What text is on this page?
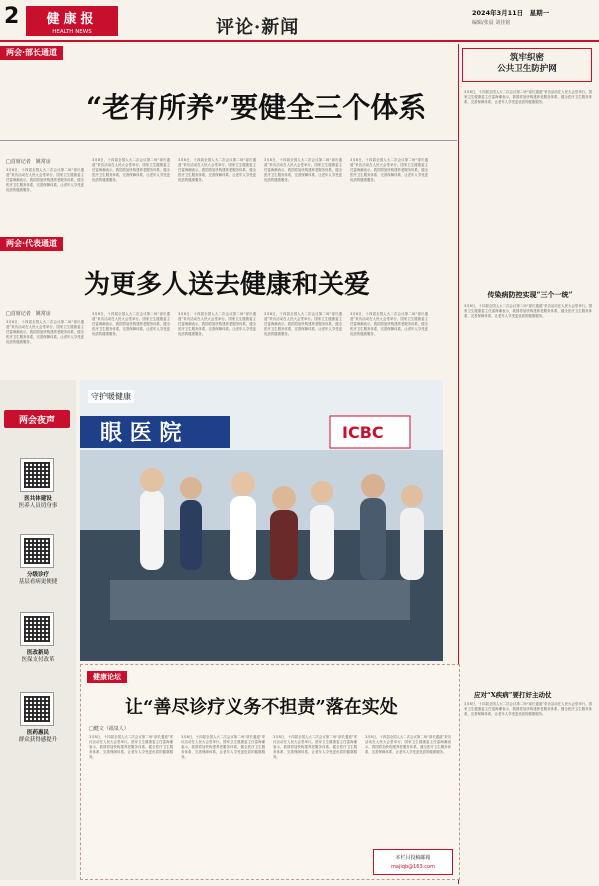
2	健康报
HEALTH NEWS	评论·新闻
2024年3月11日　星期一
编辑/张晨 刘佳铭
两会·部长通道
“老有所养”要健全三个体系
□首席记者　姚常房
3月8日，十四届全国人大二次会议第二场“部长通道”采访活动在人民大会堂举行。国家卫生健康委主任雷海潮表示，我国将加快构建养老服务体系，健全医疗卫生服务体系，完善保障体系，让老年人享受更优质的健康服务。
3月8日，十四届全国人大二次会议第二场“部长通道”采访活动在人民大会堂举行。国家卫生健康委主任雷海潮表示，我国将加快构建养老服务体系，健全医疗卫生服务体系，完善保障体系，让老年人享受更优质的健康服务。
3月8日，十四届全国人大二次会议第二场“部长通道”采访活动在人民大会堂举行。国家卫生健康委主任雷海潮表示，我国将加快构建养老服务体系，健全医疗卫生服务体系，完善保障体系，让老年人享受更优质的健康服务。
3月8日，十四届全国人大二次会议第二场“部长通道”采访活动在人民大会堂举行。国家卫生健康委主任雷海潮表示，我国将加快构建养老服务体系，健全医疗卫生服务体系，完善保障体系，让老年人享受更优质的健康服务。
3月8日，十四届全国人大二次会议第二场“部长通道”采访活动在人民大会堂举行。国家卫生健康委主任雷海潮表示，我国将加快构建养老服务体系，健全医疗卫生服务体系，完善保障体系，让老年人享受更优质的健康服务。
两会·代表通道
为更多人送去健康和关爱
□首席记者　姚常房
3月8日，十四届全国人大二次会议第二场“部长通道”采访活动在人民大会堂举行。国家卫生健康委主任雷海潮表示，我国将加快构建养老服务体系，健全医疗卫生服务体系，完善保障体系，让老年人享受更优质的健康服务。
3月8日，十四届全国人大二次会议第二场“部长通道”采访活动在人民大会堂举行。国家卫生健康委主任雷海潮表示，我国将加快构建养老服务体系，健全医疗卫生服务体系，完善保障体系，让老年人享受更优质的健康服务。
3月8日，十四届全国人大二次会议第二场“部长通道”采访活动在人民大会堂举行。国家卫生健康委主任雷海潮表示，我国将加快构建养老服务体系，健全医疗卫生服务体系，完善保障体系，让老年人享受更优质的健康服务。
3月8日，十四届全国人大二次会议第二场“部长通道”采访活动在人民大会堂举行。国家卫生健康委主任雷海潮表示，我国将加快构建养老服务体系，健全医疗卫生服务体系，完善保障体系，让老年人享受更优质的健康服务。
3月8日，十四届全国人大二次会议第二场“部长通道”采访活动在人民大会堂举行。国家卫生健康委主任雷海潮表示，我国将加快构建养老服务体系，健全医疗卫生服务体系，完善保障体系，让老年人享受更优质的健康服务。
筑牢织密
公共卫生防护网
3月8日，十四届全国人大二次会议第二场“部长通道”采访活动在人民大会堂举行。国家卫生健康委主任雷海潮表示，我国将加快构建养老服务体系，健全医疗卫生服务体系，完善保障体系，让老年人享受更优质的健康服务。
传染病防控实现“三个一统”
3月8日，十四届全国人大二次会议第二场“部长通道”采访活动在人民大会堂举行。国家卫生健康委主任雷海潮表示，我国将加快构建养老服务体系，健全医疗卫生服务体系，完善保障体系，让老年人享受更优质的健康服务。
应对“X疾病”要打好主动仗
3月8日，十四届全国人大二次会议第二场“部长通道”采访活动在人民大会堂举行。国家卫生健康委主任雷海潮表示，我国将加快构建养老服务体系，健全医疗卫生服务体系，完善保障体系，让老年人享受更优质的健康服务。
两会夜声
医共体建设
医养人员切身事
分级诊疗
基层看病更便捷
医改新局
医保支付改革
医药惠民
群众获得感提升
眼 医 院	ICBC
守护暖健康
健康论坛
让“善尽诊疗义务不担责”落在实处
□健文（福泉人）
3月8日，十四届全国人大二次会议第二场“部长通道”采访活动在人民大会堂举行。国家卫生健康委主任雷海潮表示，我国将加快构建养老服务体系，健全医疗卫生服务体系，完善保障体系，让老年人享受更优质的健康服务。
3月8日，十四届全国人大二次会议第二场“部长通道”采访活动在人民大会堂举行。国家卫生健康委主任雷海潮表示，我国将加快构建养老服务体系，健全医疗卫生服务体系，完善保障体系，让老年人享受更优质的健康服务。
3月8日，十四届全国人大二次会议第二场“部长通道”采访活动在人民大会堂举行。国家卫生健康委主任雷海潮表示，我国将加快构建养老服务体系，健全医疗卫生服务体系，完善保障体系，让老年人享受更优质的健康服务。
3月8日，十四届全国人大二次会议第二场“部长通道”采访活动在人民大会堂举行。国家卫生健康委主任雷海潮表示，我国将加快构建养老服务体系，健全医疗卫生服务体系，完善保障体系，让老年人享受更优质的健康服务。
本栏目投稿邮箱
majiqb@163.com
